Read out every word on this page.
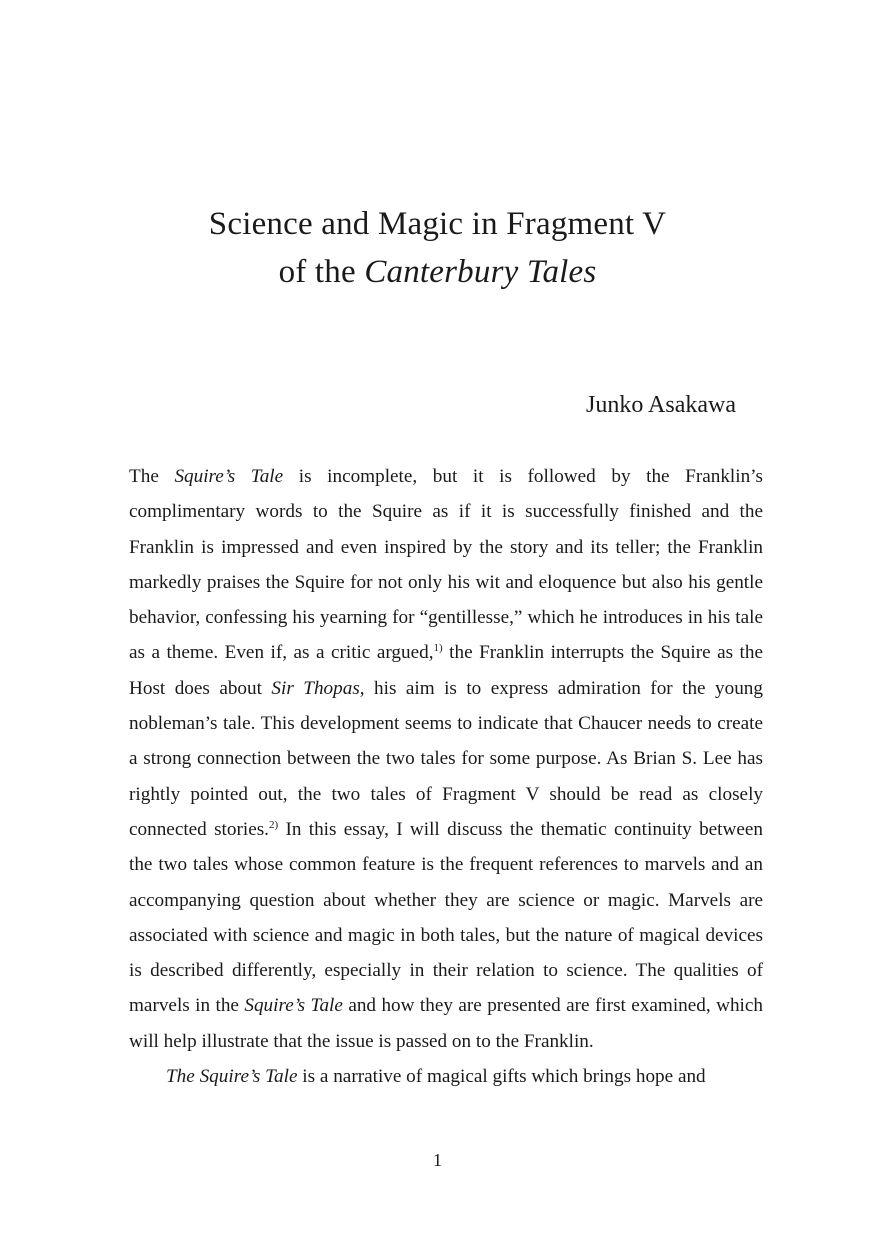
Science and Magic in Fragment V
of the Canterbury Tales
Junko Asakawa

The Squire’s Tale is incomplete, but it is followed by the Franklin’s complimentary words to the Squire as if it is successfully finished and the Franklin is impressed and even inspired by the story and its teller; the Franklin markedly praises the Squire for not only his wit and eloquence but also his gentle behavior, confessing his yearning for “gentillesse,” which he introduces in his tale as a theme. Even if, as a critic argued,$^{1)}$ the Franklin interrupts the Squire as the Host does about Sir Thopas, his aim is to express admiration for the young nobleman’s tale. This development seems to indicate that Chaucer needs to create a strong connection between the two tales for some purpose. As Brian S. Lee has rightly pointed out, the two tales of Fragment V should be read as closely connected stories.$^{2)}$ In this essay, I will discuss the thematic continuity between the two tales whose common feature is the frequent references to marvels and an accompanying question about whether they are science or magic. Marvels are associated with science and magic in both tales, but the nature of magical devices is described differently, especially in their relation to science. The qualities of marvels in the Squire’s Tale and how they are presented are first examined, which will help illustrate that the issue is passed on to the Franklin.

The Squire’s Tale is a narrative of magical gifts which brings hope and

1
